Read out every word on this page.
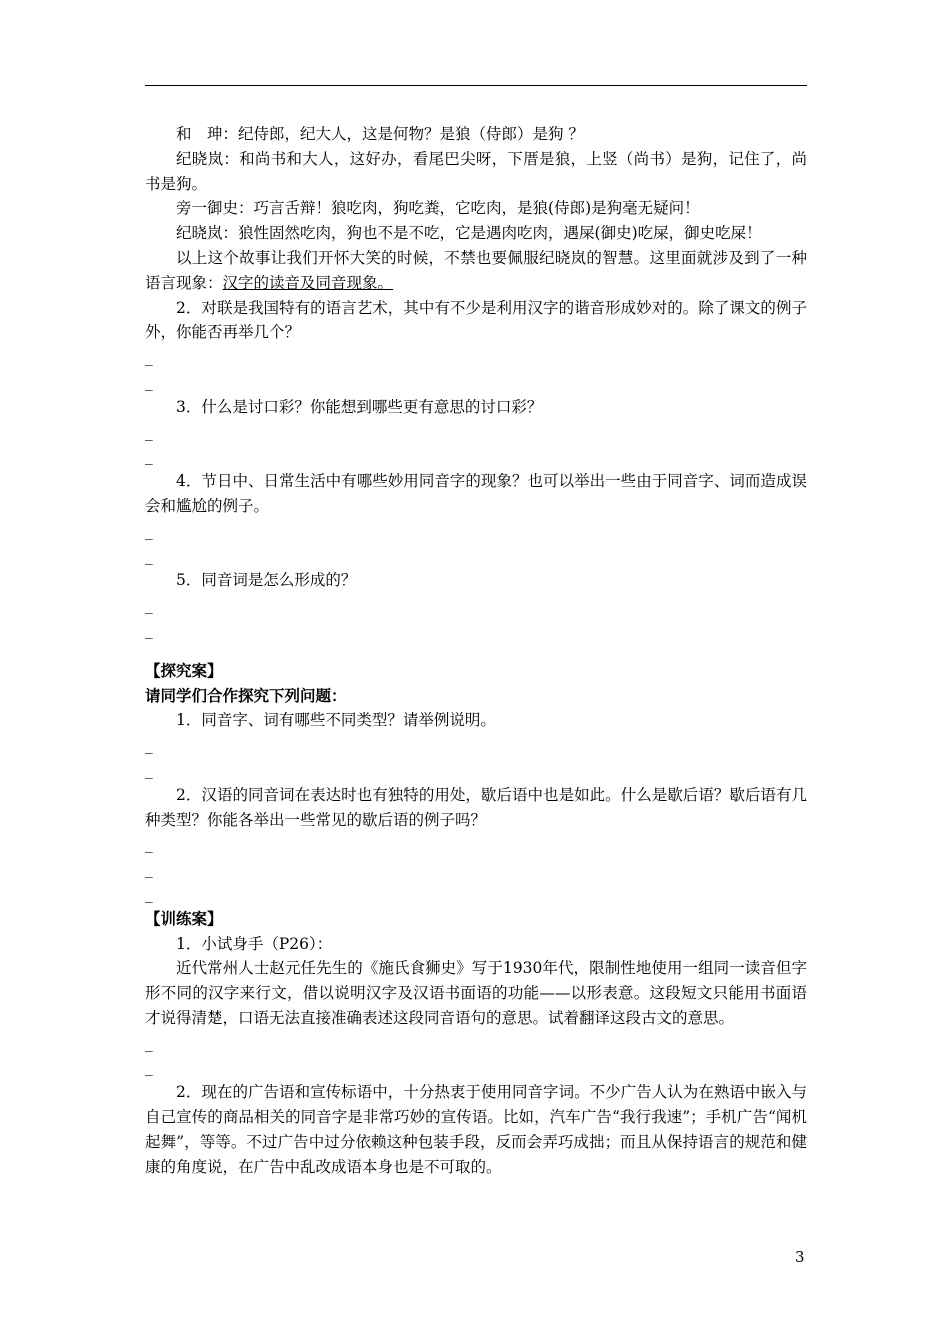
和　珅：纪侍郎，纪大人，这是何物？是狼（侍郎）是狗 ？

纪晓岚：和尚书和大人，这好办，看尾巴尖呀，下厝是狼，上竖（尚书）是狗，记住了，尚书是狗。

旁一御史：巧言舌辩！狼吃肉，狗吃粪，它吃肉，是狼(侍郎)是狗毫无疑问！

纪晓岚：狼性固然吃肉，狗也不是不吃，它是遇肉吃肉，遇屎(御史)吃屎，御史吃屎！

以上这个故事让我们开怀大笑的时候，不禁也要佩服纪晓岚的智慧。这里面就涉及到了一种语言现象：汉字的读音及同音现象。

2．对联是我国特有的语言艺术，其中有不少是利用汉字的谐音形成妙对的。除了课文的例子外，你能否再举几个？

_

_

3．什么是讨口彩？你能想到哪些更有意思的讨口彩？

_

_

4．节日中、日常生活中有哪些妙用同音字的现象？也可以举出一些由于同音字、词而造成误会和尴尬的例子。

_

_

5．同音词是怎么形成的？

_

_

【探究案】

请同学们合作探究下列问题：

1．同音字、词有哪些不同类型？请举例说明。

_

_

2．汉语的同音词在表达时也有独特的用处，歇后语中也是如此。什么是歇后语？歇后语有几种类型？你能各举出一些常见的歇后语的例子吗？

_

_

_

【训练案】

1．小试身手（P26）：

近代常州人士赵元任先生的《施氏食狮史》写于1930年代，限制性地使用一组同一读音但字形不同的汉字来行文，借以说明汉字及汉语书面语的功能——以形表意。这段短文只能用书面语才说得清楚，口语无法直接准确表述这段同音语句的意思。试着翻译这段古文的意思。

_

_

2．现在的广告语和宣传标语中，十分热衷于使用同音字词。不少广告人认为在熟语中嵌入与自己宣传的商品相关的同音字是非常巧妙的宣传语。比如，汽车广告“我行我速”；手机广告“闻机起舞”，等等。不过广告中过分依赖这种包装手段，反而会弄巧成拙；而且从保持语言的规范和健康的角度说，在广告中乱改成语本身也是不可取的。

3
